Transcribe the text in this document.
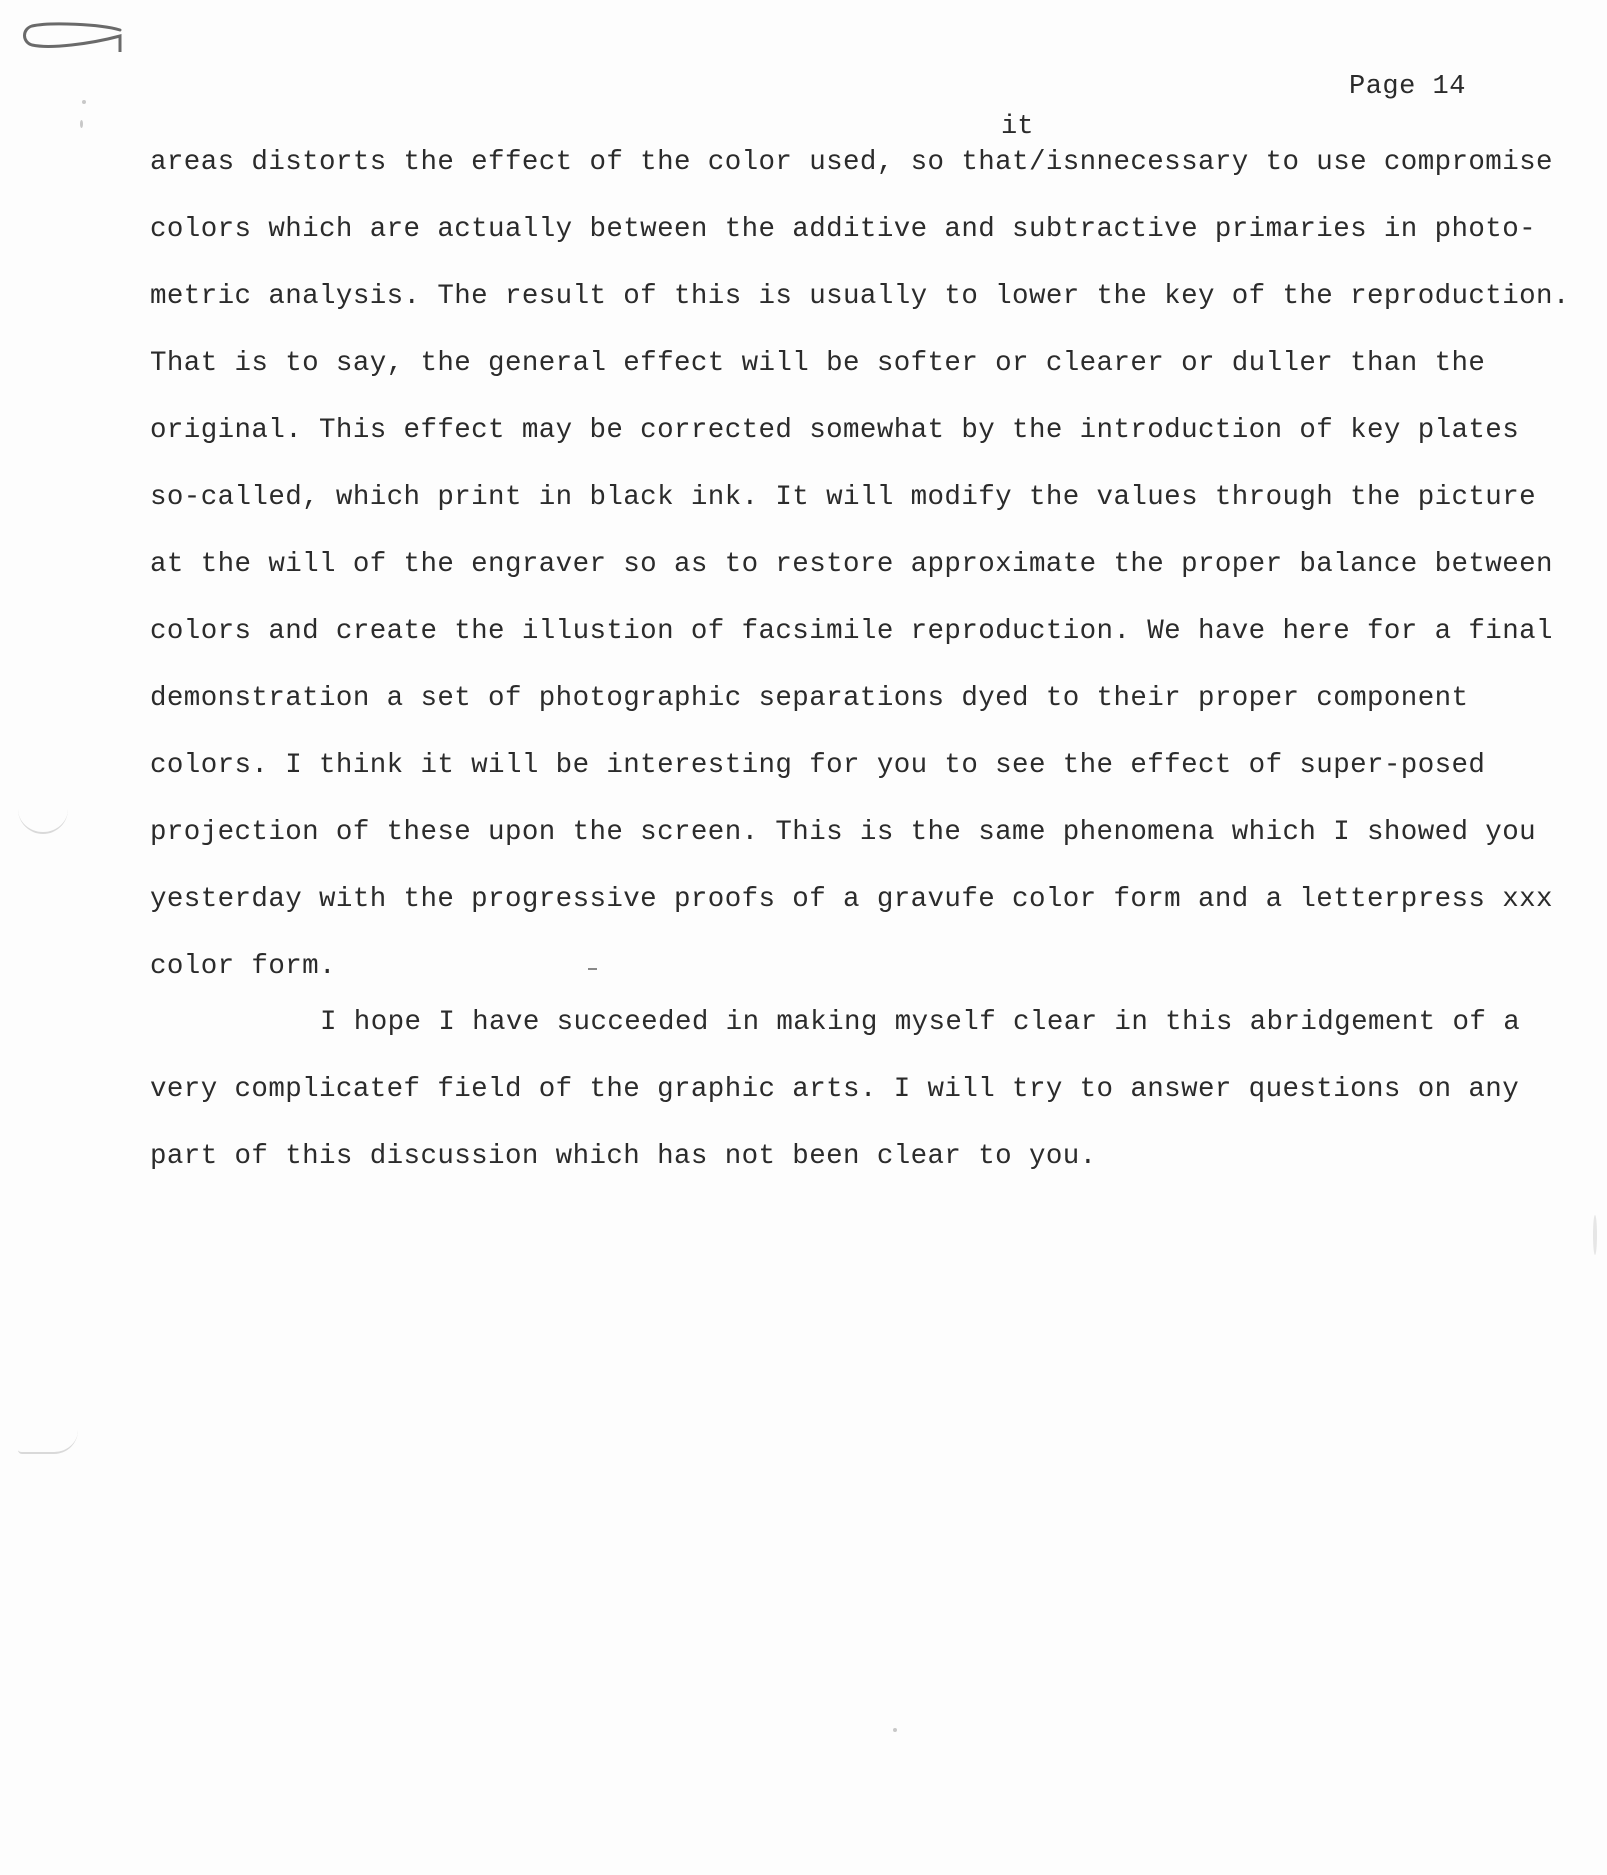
Page 14
it
areas distorts the effect of the color used, so that/isnnecessary to use compromise
colors which are actually between the additive and subtractive primaries in photo-
metric analysis. The result of this is usually to lower the key of the reproduction.
That is to say, the general effect will be softer or clearer or duller than the
original. This effect may be corrected somewhat by the introduction of key plates
so-called, which print in black ink. It will modify the values through the picture
at the will of the engraver so as to restore approximate the proper balance between
colors and create the illustion of facsimile reproduction. We have here for a final
demonstration a set of photographic separations dyed to their proper component
colors. I think it will be interesting for you to see the effect of super-posed
projection of these upon the screen. This is the same phenomena which I showed you
yesterday with the progressive proofs of a gravufe color form and a letterpress xxx
color form.
I hope I have succeeded in making myself clear in this abridgement of a
very complicatef field of the graphic arts. I will try to answer questions on any
part of this discussion which has not been clear to you.
